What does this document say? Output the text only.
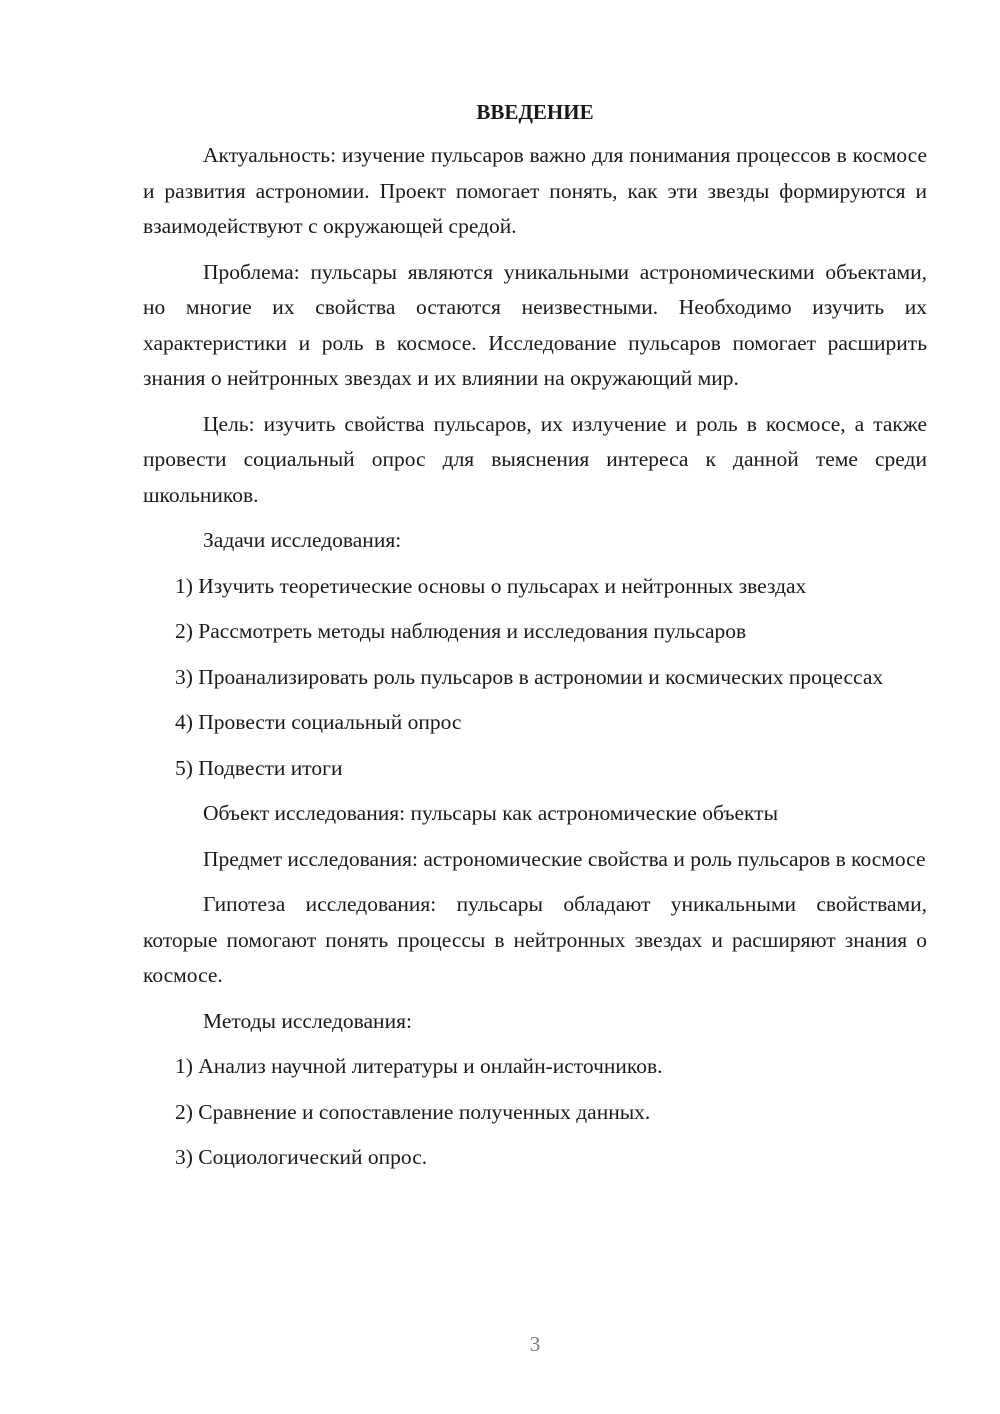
ВВЕДЕНИЕ

Актуальность: изучение пульсаров важно для понимания процессов в космосе и развития астрономии. Проект помогает понять, как эти звезды формируются и взаимодействуют с окружающей средой.

Проблема: пульсары являются уникальными астрономическими объектами, но многие их свойства остаются неизвестными. Необходимо изучить их характеристики и роль в космосе. Исследование пульсаров помогает расширить знания о нейтронных звездах и их влиянии на окружающий мир.

Цель: изучить свойства пульсаров, их излучение и роль в космосе, а также провести социальный опрос для выяснения интереса к данной теме среди школьников.

Задачи исследования:

1) Изучить теоретические основы о пульсарах и нейтронных звездах

2) Рассмотреть методы наблюдения и исследования пульсаров

3) Проанализировать роль пульсаров в астрономии и космических процессах

4) Провести социальный опрос

5) Подвести итоги

Объект исследования: пульсары как астрономические объекты

Предмет исследования: астрономические свойства и роль пульсаров в космосе

Гипотеза исследования: пульсары обладают уникальными свойствами, которые помогают понять процессы в нейтронных звездах и расширяют знания о космосе.

Методы исследования:

1) Анализ научной литературы и онлайн-источников.

2) Сравнение и сопоставление полученных данных.

3) Социологический опрос.

3
